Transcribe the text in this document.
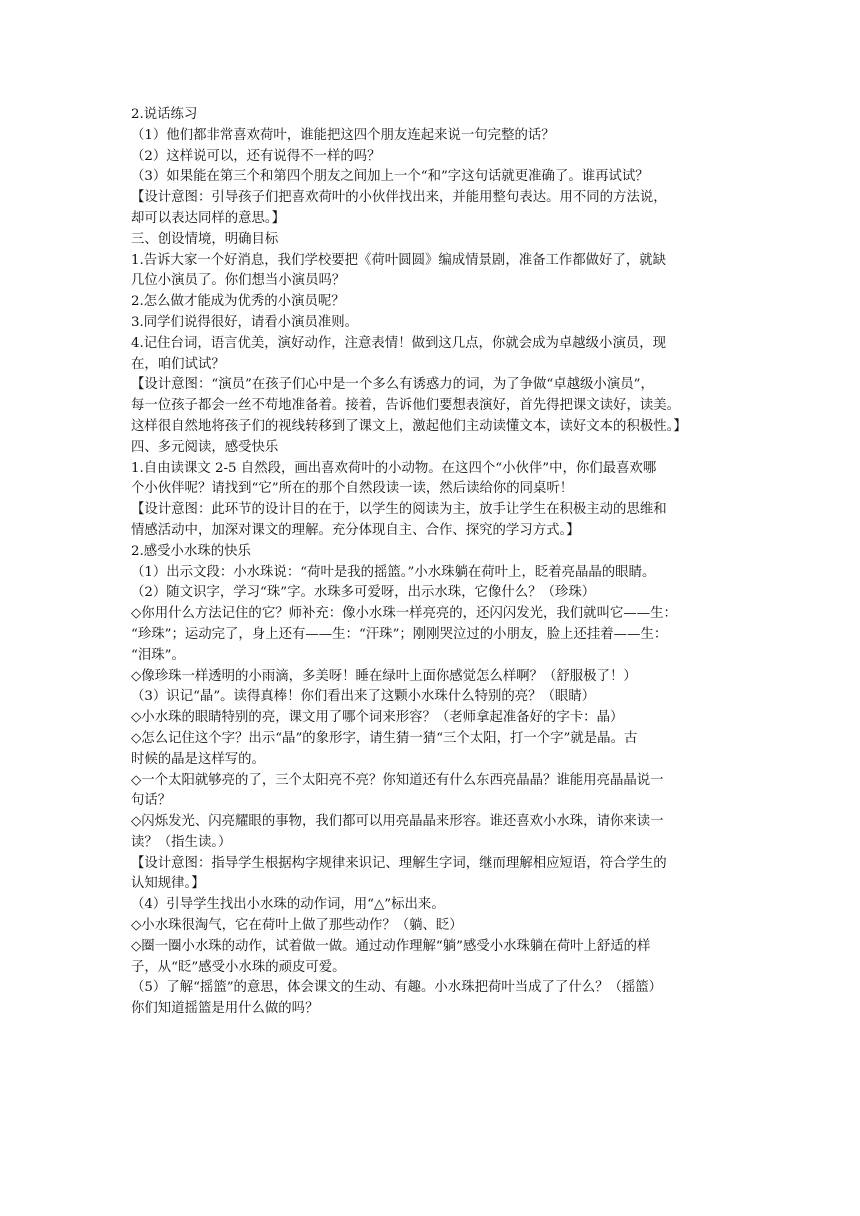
2.说话练习

（1）他们都非常喜欢荷叶，谁能把这四个朋友连起来说一句完整的话？

（2）这样说可以，还有说得不一样的吗？

（3）如果能在第三个和第四个朋友之间加上一个“和”字这句话就更准确了。谁再试试？

【设计意图：引导孩子们把喜欢荷叶的小伙伴找出来，并能用整句表达。用不同的方法说，

却可以表达同样的意思。】

三、创设情境，明确目标

1.告诉大家一个好消息，我们学校要把《荷叶圆圆》编成情景剧，准备工作都做好了，就缺

几位小演员了。你们想当小演员吗？

2.怎么做才能成为优秀的小演员呢？

3.同学们说得很好，请看小演员准则。

4.记住台词，语言优美，演好动作，注意表情！做到这几点，你就会成为卓越级小演员，现

在，咱们试试？

【设计意图：“演员”在孩子们心中是一个多么有诱惑力的词，为了争做“卓越级小演员”，

每一位孩子都会一丝不苟地准备着。接着，告诉他们要想表演好，首先得把课文读好，读美。

这样很自然地将孩子们的视线转移到了课文上，激起他们主动读懂文本，读好文本的积极性。】

四、多元阅读，感受快乐

1.自由读课文 2-5 自然段，画出喜欢荷叶的小动物。在这四个“小伙伴”中，你们最喜欢哪

个小伙伴呢？请找到“它”所在的那个自然段读一读，然后读给你的同桌听！

【设计意图：此环节的设计目的在于，以学生的阅读为主，放手让学生在积极主动的思维和

情感活动中，加深对课文的理解。充分体现自主、合作、探究的学习方式。】

2.感受小水珠的快乐

（1）出示文段：小水珠说：“荷叶是我的摇篮。”小水珠躺在荷叶上，眨着亮晶晶的眼睛。

（2）随文识字，学习“珠”字。水珠多可爱呀，出示水珠，它像什么？（珍珠）

◇你用什么方法记住的它？师补充：像小水珠一样亮亮的，还闪闪发光，我们就叫它——生：

“珍珠”；运动完了，身上还有——生：“汗珠”；刚刚哭泣过的小朋友，脸上还挂着——生：

“泪珠”。

◇像珍珠一样透明的小雨滴，多美呀！睡在绿叶上面你感觉怎么样啊？（舒服极了！）

（3）识记“晶”。读得真棒！你们看出来了这颗小水珠什么特别的亮？（眼睛）

◇小水珠的眼睛特别的亮，课文用了哪个词来形容？（老师拿起准备好的字卡：晶）

◇怎么记住这个字？出示“晶”的象形字，请生猜一猜“三个太阳，打一个字”就是晶。古

时候的晶是这样写的。

◇一个太阳就够亮的了，三个太阳亮不亮？你知道还有什么东西亮晶晶？谁能用亮晶晶说一

句话？

◇闪烁发光、闪亮耀眼的事物，我们都可以用亮晶晶来形容。谁还喜欢小水珠，请你来读一

读？（指生读。）

【设计意图：指导学生根据构字规律来识记、理解生字词，继而理解相应短语，符合学生的

认知规律。】

（4）引导学生找出小水珠的动作词，用“△”标出来。

◇小水珠很淘气，它在荷叶上做了那些动作？（躺、眨）

◇圈一圈小水珠的动作，试着做一做。通过动作理解“躺”感受小水珠躺在荷叶上舒适的样

子，从“眨”感受小水珠的顽皮可爱。

（5）了解“摇篮”的意思，体会课文的生动、有趣。小水珠把荷叶当成了了什么？（摇篮）

你们知道摇篮是用什么做的吗？
